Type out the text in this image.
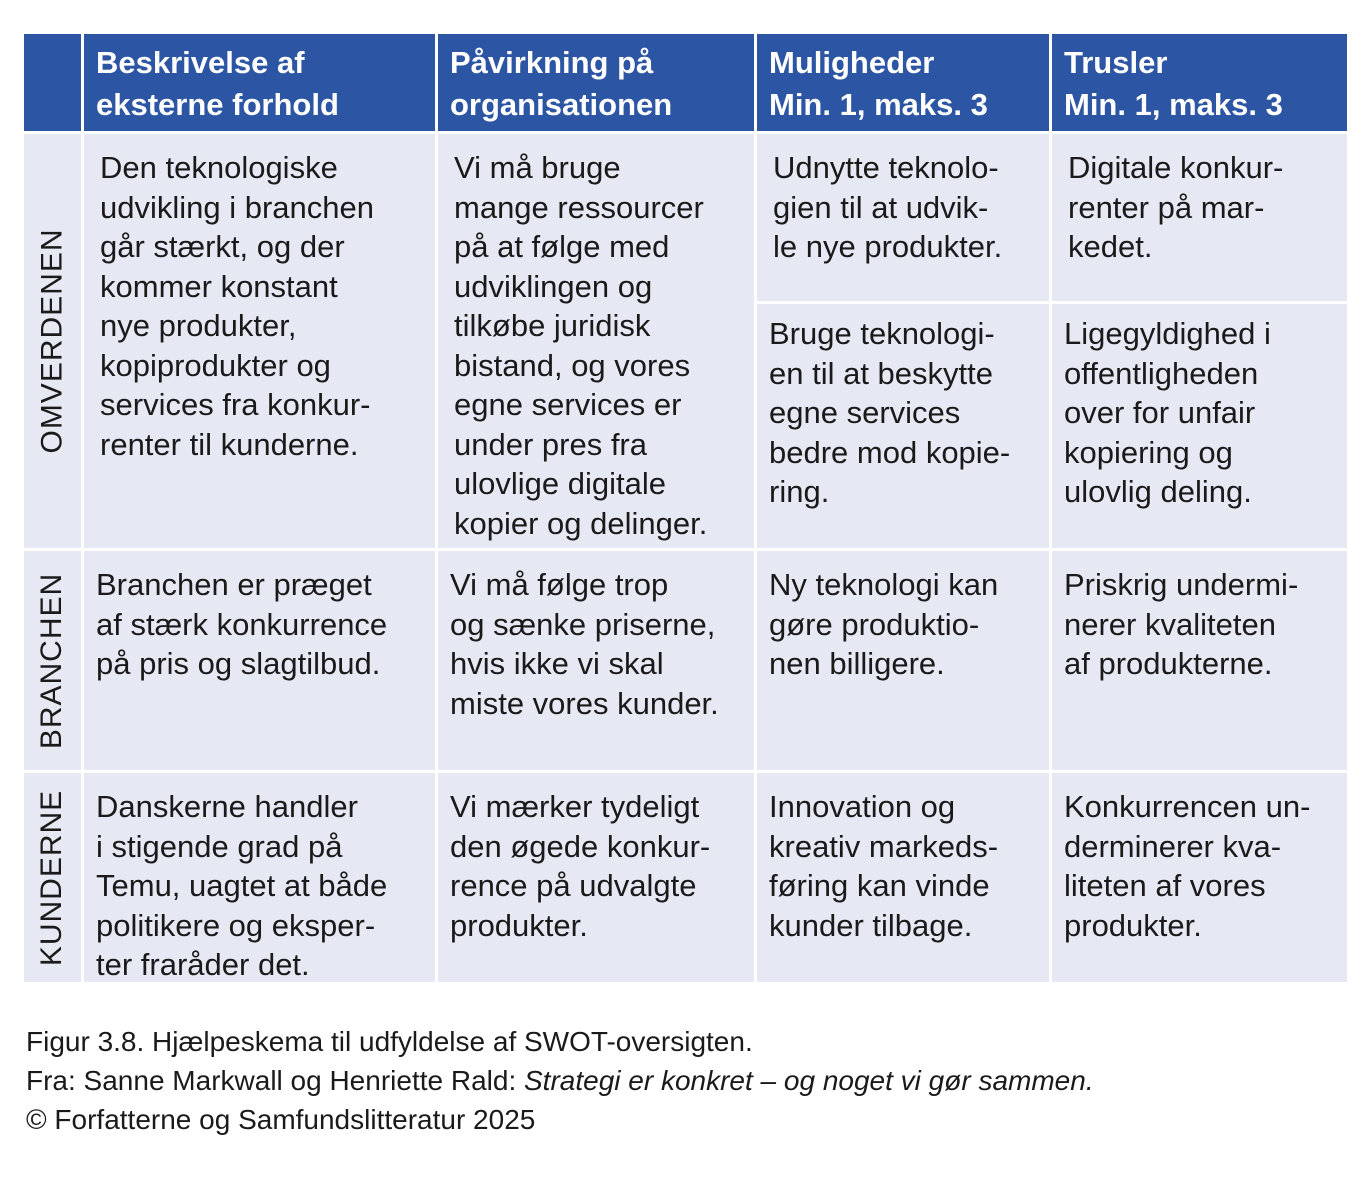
Beskrivelse af
eksterne forhold
Påvirkning på
organisationen
Muligheder
Min. 1, maks. 3
Trusler
Min. 1, maks. 3
OMVERDENEN
Den teknologiske
udvikling i branchen
går stærkt, og der
kommer konstant
nye produkter,
kopiprodukter og
services fra konkur-
renter til kunderne.
Vi må bruge
mange ressourcer
på at følge med
udviklingen og
tilkøbe juridisk
bistand, og vores
egne services er
under pres fra
ulovlige digitale
kopier og delinger.
Udnytte teknolo-
gien til at udvik-
le nye produkter.
Bruge teknologi-
en til at beskytte
egne services
bedre mod kopie-
ring.
Digitale konkur-
renter på mar-
kedet.
Ligegyldighed i
offentligheden
over for unfair
kopiering og
ulovlig deling.
BRANCHEN Branchen er præget
af stærk konkurrence
på pris og slagtilbud.
Vi må følge trop
og sænke priserne,
hvis ikke vi skal
miste vores kunder.
Ny teknologi kan
gøre produktio-
nen billigere.
Priskrig undermi-
nerer kvaliteten
af produkterne.
KUNDERNE Danskerne handler
i stigende grad på
Temu, uagtet at både
politikere og eksper-
ter fraråder det.
Vi mærker tydeligt
den øgede konkur-
rence på udvalgte
produkter.
Innovation og
kreativ markeds-
føring kan vinde
kunder tilbage.
Konkurrencen un-
derminerer kva-
liteten af vores
produkter.
Figur 3.8. Hjælpeskema til udfyldelse af SWOT-oversigten.
Fra: Sanne Markwall og Henriette Rald: Strategi er konkret – og noget vi gør sammen.
© Forfatterne og Samfundslitteratur 2025
